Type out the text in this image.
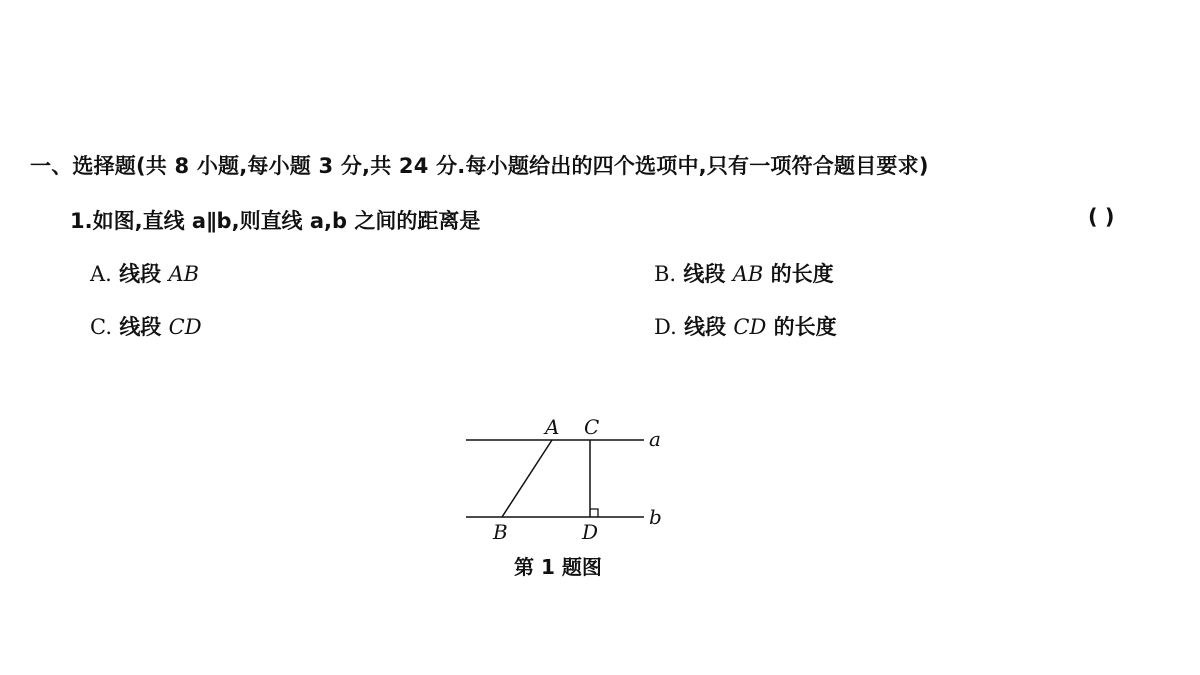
一、选择题(共 8 小题,每小题 3 分,共 24 分.每小题给出的四个选项中,只有一项符合题目要求)
1.如图,直线 a∥b,则直线 a,b 之间的距离是	( )
A. 线段 AB	B. 线段 AB 的长度
C. 线段 CD	D. 线段 CD 的长度
A C a
B	D
b
第 1 题图
